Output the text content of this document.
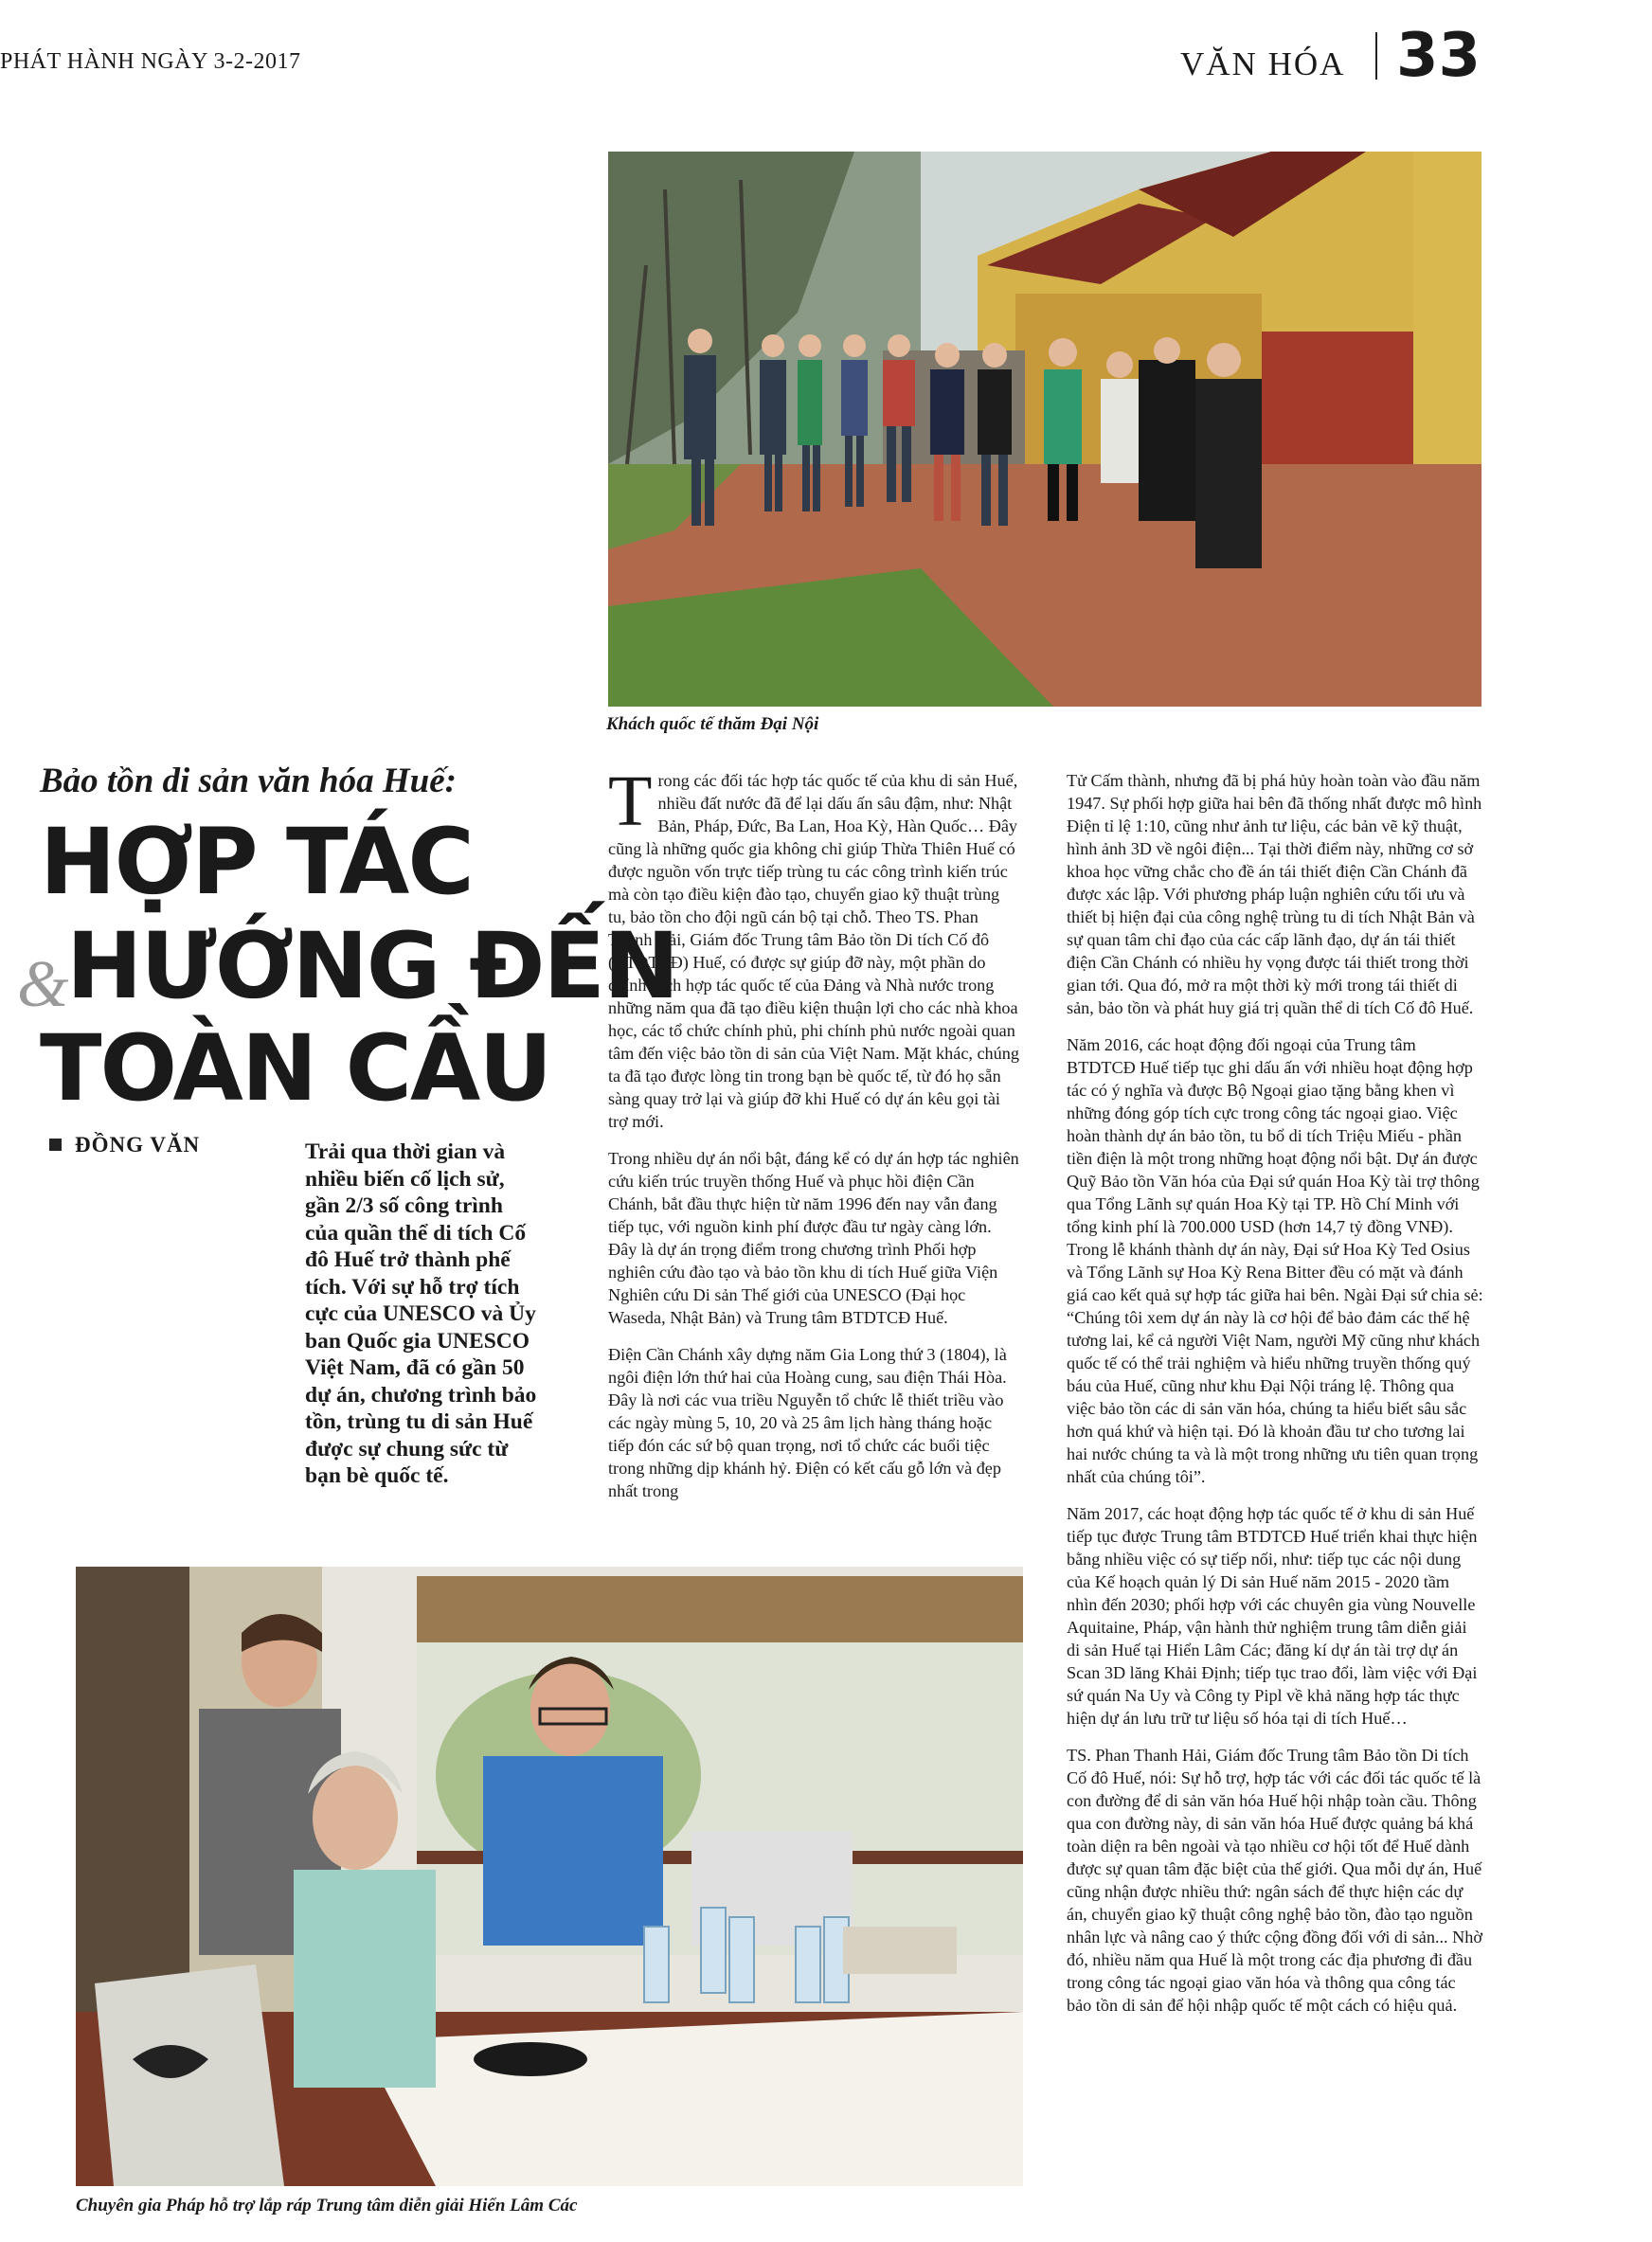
PHÁT HÀNH NGÀY 3-2-2017	VĂN HÓA 33
Khách quốc tế thăm Đại Nội
Bảo tồn di sản văn hóa Huế:
HỢP TÁC
&
HƯỚNG ĐẾN
TOÀN CẦU
ĐỒNG VĂN	Trải qua thời gian và nhiều biến cố lịch sử, gần 2/3 số công trình của quần thể di tích Cố đô Huế trở thành phế tích. Với sự hỗ trợ tích cực của UNESCO và Ủy ban Quốc gia UNESCO Việt Nam, đã có gần 50 dự án, chương trình bảo tồn, trùng tu di sản Huế được sự chung sức từ bạn bè quốc tế.

Trong các đối tác hợp tác quốc tế của khu di sản Huế, nhiều đất nước đã để lại dấu ấn sâu đậm, như: Nhật Bản, Pháp, Đức, Ba Lan, Hoa Kỳ, Hàn Quốc… Đây cũng là những quốc gia không chỉ giúp Thừa Thiên Huế có được nguồn vốn trực tiếp trùng tu các công trình kiến trúc mà còn tạo điều kiện đào tạo, chuyển giao kỹ thuật trùng tu, bảo tồn cho đội ngũ cán bộ tại chỗ. Theo TS. Phan Thanh Hải, Giám đốc Trung tâm Bảo tồn Di tích Cố đô (BTDTCĐ) Huế, có được sự giúp đỡ này, một phần do chính sách hợp tác quốc tế của Đảng và Nhà nước trong những năm qua đã tạo điều kiện thuận lợi cho các nhà khoa học, các tổ chức chính phủ, phi chính phủ nước ngoài quan tâm đến việc bảo tồn di sản của Việt Nam. Mặt khác, chúng ta đã tạo được lòng tin trong bạn bè quốc tế, từ đó họ sẵn sàng quay trở lại và giúp đỡ khi Huế có dự án kêu gọi tài trợ mới.

Trong nhiều dự án nổi bật, đáng kể có dự án hợp tác nghiên cứu kiến trúc truyền thống Huế và phục hồi điện Cần Chánh, bắt đầu thực hiện từ năm 1996 đến nay vẫn đang tiếp tục, với nguồn kinh phí được đầu tư ngày càng lớn. Đây là dự án trọng điểm trong chương trình Phối hợp nghiên cứu đào tạo và bảo tồn khu di tích Huế giữa Viện Nghiên cứu Di sản Thế giới của UNESCO (Đại học Waseda, Nhật Bản) và Trung tâm BTDTCĐ Huế.

Điện Cần Chánh xây dựng năm Gia Long thứ 3 (1804), là ngôi điện lớn thứ hai của Hoàng cung, sau điện Thái Hòa. Đây là nơi các vua triều Nguyễn tổ chức lễ thiết triều vào các ngày mùng 5, 10, 20 và 25 âm lịch hàng tháng hoặc tiếp đón các sứ bộ quan trọng, nơi tổ chức các buổi tiệc trong những dịp khánh hỷ. Điện có kết cấu gỗ lớn và đẹp nhất trong

Tử Cấm thành, nhưng đã bị phá hủy hoàn toàn vào đầu năm 1947. Sự phối hợp giữa hai bên đã thống nhất được mô hình Điện tỉ lệ 1:10, cũng như ảnh tư liệu, các bản vẽ kỹ thuật, hình ảnh 3D về ngôi điện... Tại thời điểm này, những cơ sở khoa học vững chắc cho đề án tái thiết điện Cần Chánh đã được xác lập. Với phương pháp luận nghiên cứu tối ưu và thiết bị hiện đại của công nghệ trùng tu di tích Nhật Bản và sự quan tâm chỉ đạo của các cấp lãnh đạo, dự án tái thiết điện Cần Chánh có nhiều hy vọng được tái thiết trong thời gian tới. Qua đó, mở ra một thời kỳ mới trong tái thiết di sản, bảo tồn và phát huy giá trị quần thể di tích Cố đô Huế.

Năm 2016, các hoạt động đối ngoại của Trung tâm BTDTCĐ Huế tiếp tục ghi dấu ấn với nhiều hoạt động hợp tác có ý nghĩa và được Bộ Ngoại giao tặng bằng khen vì những đóng góp tích cực trong công tác ngoại giao. Việc hoàn thành dự án bảo tồn, tu bổ di tích Triệu Miếu - phần tiền điện là một trong những hoạt động nổi bật. Dự án được Quỹ Bảo tồn Văn hóa của Đại sứ quán Hoa Kỳ tài trợ thông qua Tổng Lãnh sự quán Hoa Kỳ tại TP. Hồ Chí Minh với tổng kinh phí là 700.000 USD (hơn 14,7 tỷ đồng VNĐ). Trong lễ khánh thành dự án này, Đại sứ Hoa Kỳ Ted Osius và Tổng Lãnh sự Hoa Kỳ Rena Bitter đều có mặt và đánh giá cao kết quả sự hợp tác giữa hai bên. Ngài Đại sứ chia sẻ: “Chúng tôi xem dự án này là cơ hội để bảo đảm các thế hệ tương lai, kể cả người Việt Nam, người Mỹ cũng như khách quốc tế có thể trải nghiệm và hiểu những truyền thống quý báu của Huế, cũng như khu Đại Nội tráng lệ. Thông qua việc bảo tồn các di sản văn hóa, chúng ta hiểu biết sâu sắc hơn quá khứ và hiện tại. Đó là khoản đầu tư cho tương lai hai nước chúng ta và là một trong những ưu tiên quan trọng nhất của chúng tôi”.

Năm 2017, các hoạt động hợp tác quốc tế ở khu di sản Huế tiếp tục được Trung tâm BTDTCĐ Huế triển khai thực hiện bằng nhiều việc có sự tiếp nối, như: tiếp tục các nội dung của Kế hoạch quản lý Di sản Huế năm 2015 - 2020 tầm nhìn đến 2030; phối hợp với các chuyên gia vùng Nouvelle Aquitaine, Pháp, vận hành thử nghiệm trung tâm diễn giải di sản Huế tại Hiển Lâm Các; đăng kí dự án tài trợ dự án Scan 3D lăng Khải Định; tiếp tục trao đổi, làm việc với Đại sứ quán Na Uy và Công ty Pipl về khả năng hợp tác thực hiện dự án lưu trữ tư liệu số hóa tại di tích Huế…

TS. Phan Thanh Hải, Giám đốc Trung tâm Bảo tồn Di tích Cố đô Huế, nói: Sự hỗ trợ, hợp tác với các đối tác quốc tế là con đường để di sản văn hóa Huế hội nhập toàn cầu. Thông qua con đường này, di sản văn hóa Huế được quảng bá khá toàn diện ra bên ngoài và tạo nhiều cơ hội tốt để Huế dành được sự quan tâm đặc biệt của thế giới. Qua mỗi dự án, Huế cũng nhận được nhiều thứ: ngân sách để thực hiện các dự án, chuyển giao kỹ thuật công nghệ bảo tồn, đào tạo nguồn nhân lực và nâng cao ý thức cộng đồng đối với di sản... Nhờ đó, nhiều năm qua Huế là một trong các địa phương đi đầu trong công tác ngoại giao văn hóa và thông qua công tác bảo tồn di sản để hội nhập quốc tế một cách có hiệu quả.

Chuyên gia Pháp hỗ trợ lắp ráp Trung tâm diễn giải Hiển Lâm Các
